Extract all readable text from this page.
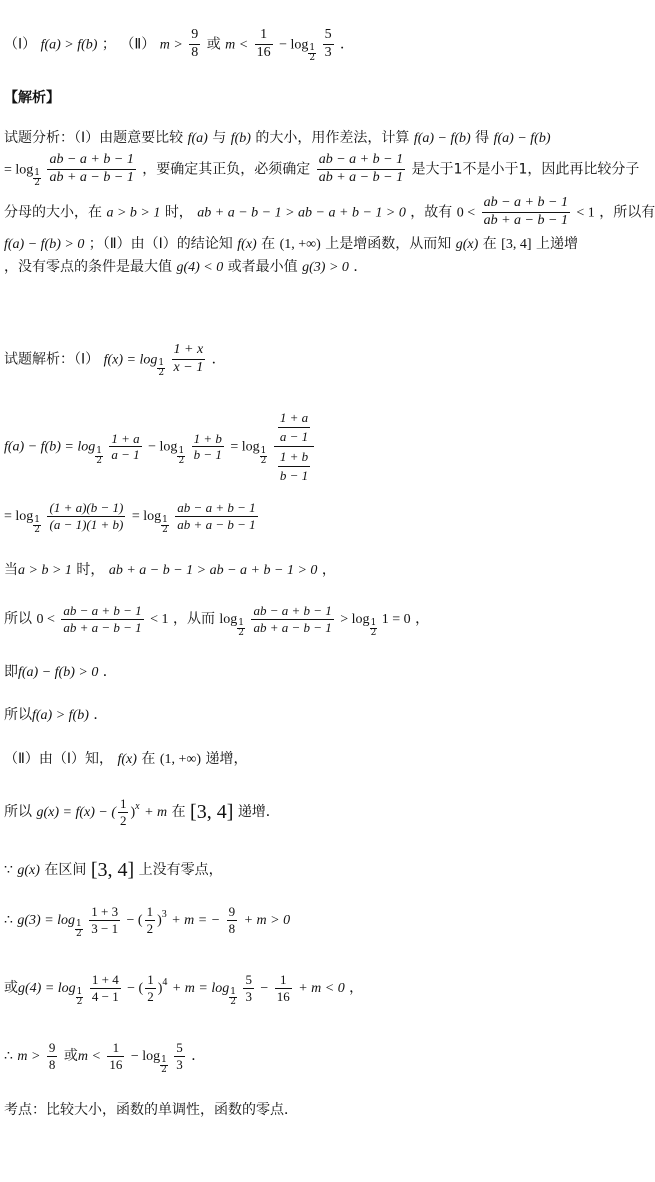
（Ⅰ） f(a) > f(b) ； （Ⅱ） $m > \frac{9}{8}$ 或 $m < \frac{1}{16} - \log \frac{1}{2}$
$\frac{5}{3}$ ．
【解析】
试题分析：（Ⅰ）由题意要比较 f(a) 与 f(b) 的大小，用作差法，计算 f(a) − f(b) 得 f(a) − f(b)
= $\log \frac{1}{2}$
$\frac{ab - a + b - 1}{ab + a - b - 1}$ ，要确定其正负，必须确定 $\frac{ab - a + b - 1}{ab + a - b - 1}$ 是大于1不是小于1，因此再比较分子
分母的大小，在 a > b > 1 时， ab + a − b − 1 > ab − a + b − 1 > 0 ，故有 $0 < \frac{ab - a + b - 1}{ab + a - b - 1} < 1$ ，所以有
f(a) − f(b) > 0 ；（Ⅱ）由（Ⅰ）的结论知 f(x) 在 (1, +∞) 上是增函数，从而知 g(x) 在 [3, 4] 上递增
，没有零点的条件是最大值 g(4) < 0 或者最小值 g(3) > 0 ．
试题解析：（Ⅰ） $f(x) = \log \frac{1}{2}$
$\frac{1 + x}{x - 1}$ ．
$f(a) - f(b) = \log \frac{1}{2}$
$\frac{1 + a}{a - 1} - \log \frac{1}{2}$
$\frac{1 + b}{b - 1} = \log \frac{1}{2}$
$\frac{\frac{1 + a}{a - 1}}{\frac{1 + b}{b - 1}}$
= $\log \frac{1}{2}$
$\frac{(1 + a)(b - 1)}{(a - 1)(1 + b)} = \log \frac{1}{2}$
$\frac{ab - a + b - 1}{ab + a - b - 1}$
当a > b > 1 时， ab + a − b − 1 > ab − a + b − 1 > 0 ，
所以 $0 < \frac{ab - a + b - 1}{ab + a - b - 1} < 1$ ，从而 $\log \frac{1}{2}$
$\frac{ab - a + b - 1}{ab + a - b - 1} > \log \frac{1}{2} 1 = 0$ ，
即f(a) − f(b) > 0 ．
所以f(a) > f(b) ．
（Ⅱ）由（Ⅰ）知， f(x) 在 (1, +∞) 递增，
所以 g(x) = f(x) − ( $\frac{1}{2} )^x + m$ 在 [3, 4] 递增．
∵ g(x) 在区间 [3, 4] 上没有零点，
∴ $g(3) = \log \frac{1}{2}$
$\frac{1 + 3}{3 - 1}$ − ( $\frac{1}{2} )^3 + m$ = − $\frac{9}{8} + m > 0$
或$g(4) = \log \frac{1}{2}$
$\frac{1 + 4}{4 - 1}$ − ( $\frac{1}{2} )^4 + m = \log \frac{1}{2}$
$\frac{5}{3} - \frac{1}{16} + m < 0$ ，
∴ $m > \frac{9}{8}$ 或$m < \frac{1}{16} - \log \frac{1}{2}$
$\frac{5}{3}$ ．
考点：比较大小，函数的单调性，函数的零点．
